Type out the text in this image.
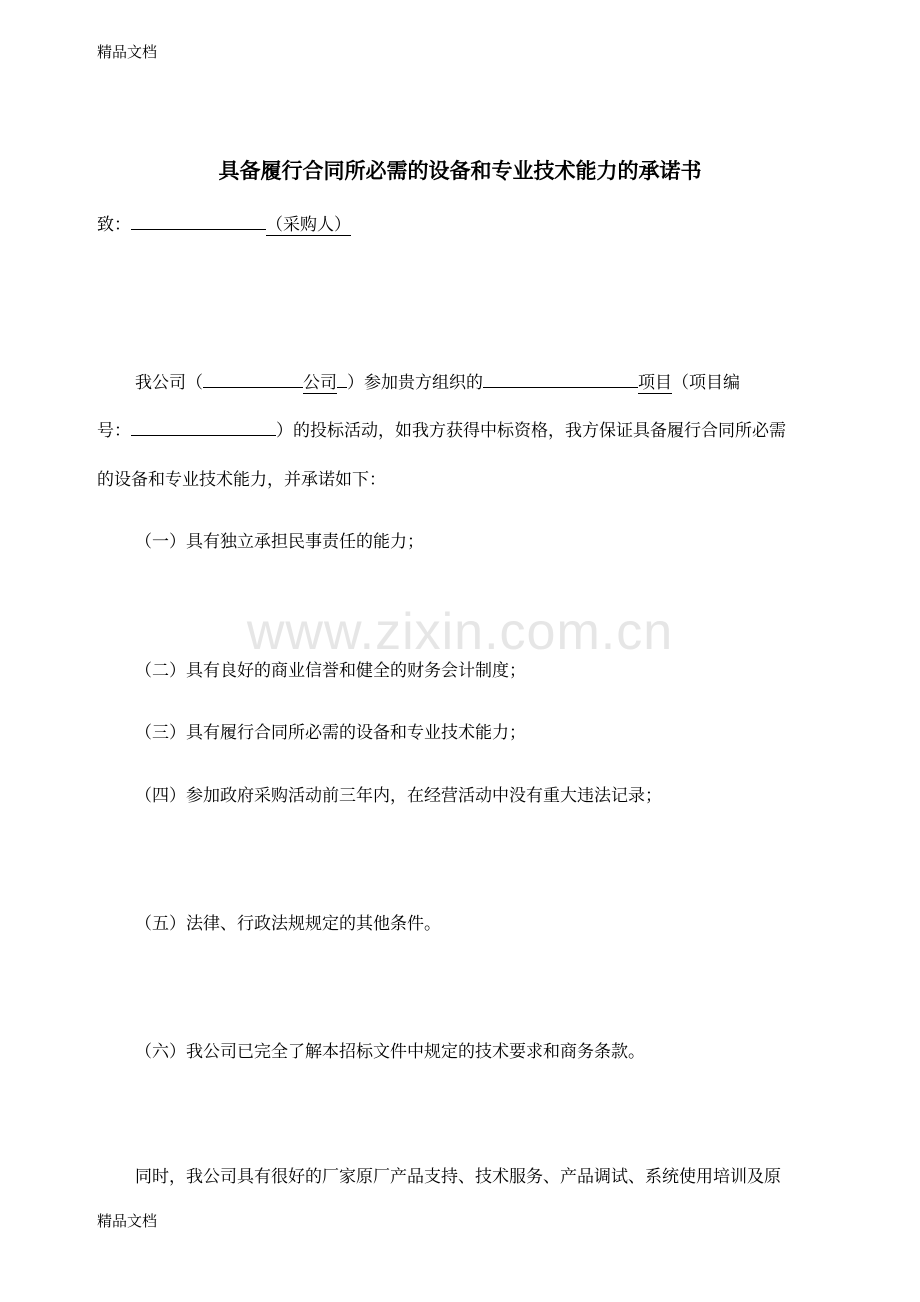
精品文档
具备履行合同所必需的设备和专业技术能力的承诺书
致：	（采购人）
我公司（	公司 ）参加贵方组织的	项目（项目编
号：	）的投标活动，如我方获得中标资格，我方保证具备履行合同所必需
的设备和专业技术能力，并承诺如下：
（一）具有独立承担民事责任的能力；
www.zixin.com.cn
（二）具有良好的商业信誉和健全的财务会计制度；
（三）具有履行合同所必需的设备和专业技术能力；
（四）参加政府采购活动前三年内，在经营活动中没有重大违法记录；
（五）法律、行政法规规定的其他条件。
（六）我公司已完全了解本招标文件中规定的技术要求和商务条款。
同时，我公司具有很好的厂家原厂产品支持、技术服务、产品调试、系统使用培训及原
精品文档
